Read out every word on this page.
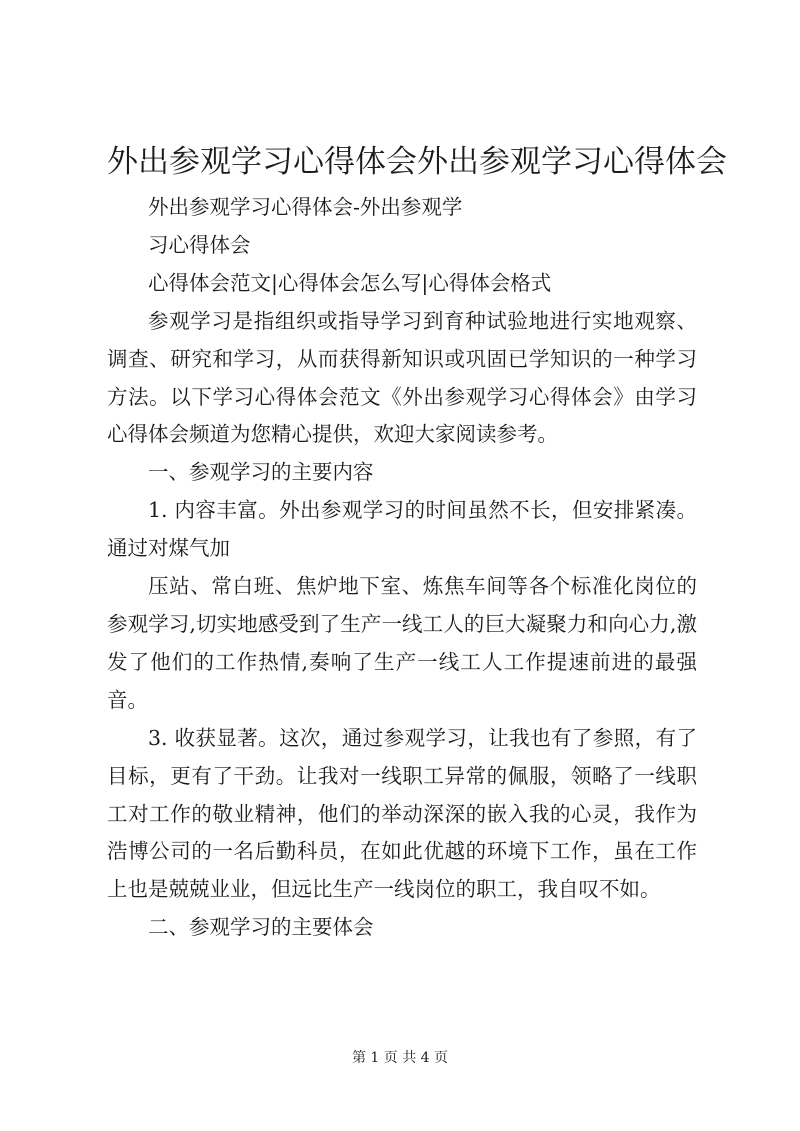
外出参观学习心得体会外出参观学习心得体会

外出参观学习心得体会-外出参观学

习心得体会

心得体会范文|心得体会怎么写|心得体会格式

参观学习是指组织或指导学习到育种试验地进行实地观察、调查、研究和学习，从而获得新知识或巩固已学知识的一种学习方法。以下学习心得体会范文《外出参观学习心得体会》由学习心得体会频道为您精心提供，欢迎大家阅读参考。

一、参观学习的主要内容

1. 内容丰富。外出参观学习的时间虽然不长，但安排紧凑。通过对煤气加

压站、常白班、焦炉地下室、炼焦车间等各个标准化岗位的参观学习,切实地感受到了生产一线工人的巨大凝聚力和向心力,激发了他们的工作热情,奏响了生产一线工人工作提速前进的最强音。

3. 收获显著。这次，通过参观学习，让我也有了参照，有了目标，更有了干劲。让我对一线职工异常的佩服，领略了一线职工对工作的敬业精神，他们的举动深深的嵌入我的心灵，我作为浩博公司的一名后勤科员，在如此优越的环境下工作，虽在工作上也是兢兢业业，但远比生产一线岗位的职工，我自叹不如。

二、参观学习的主要体会

第 1 页 共 4 页
